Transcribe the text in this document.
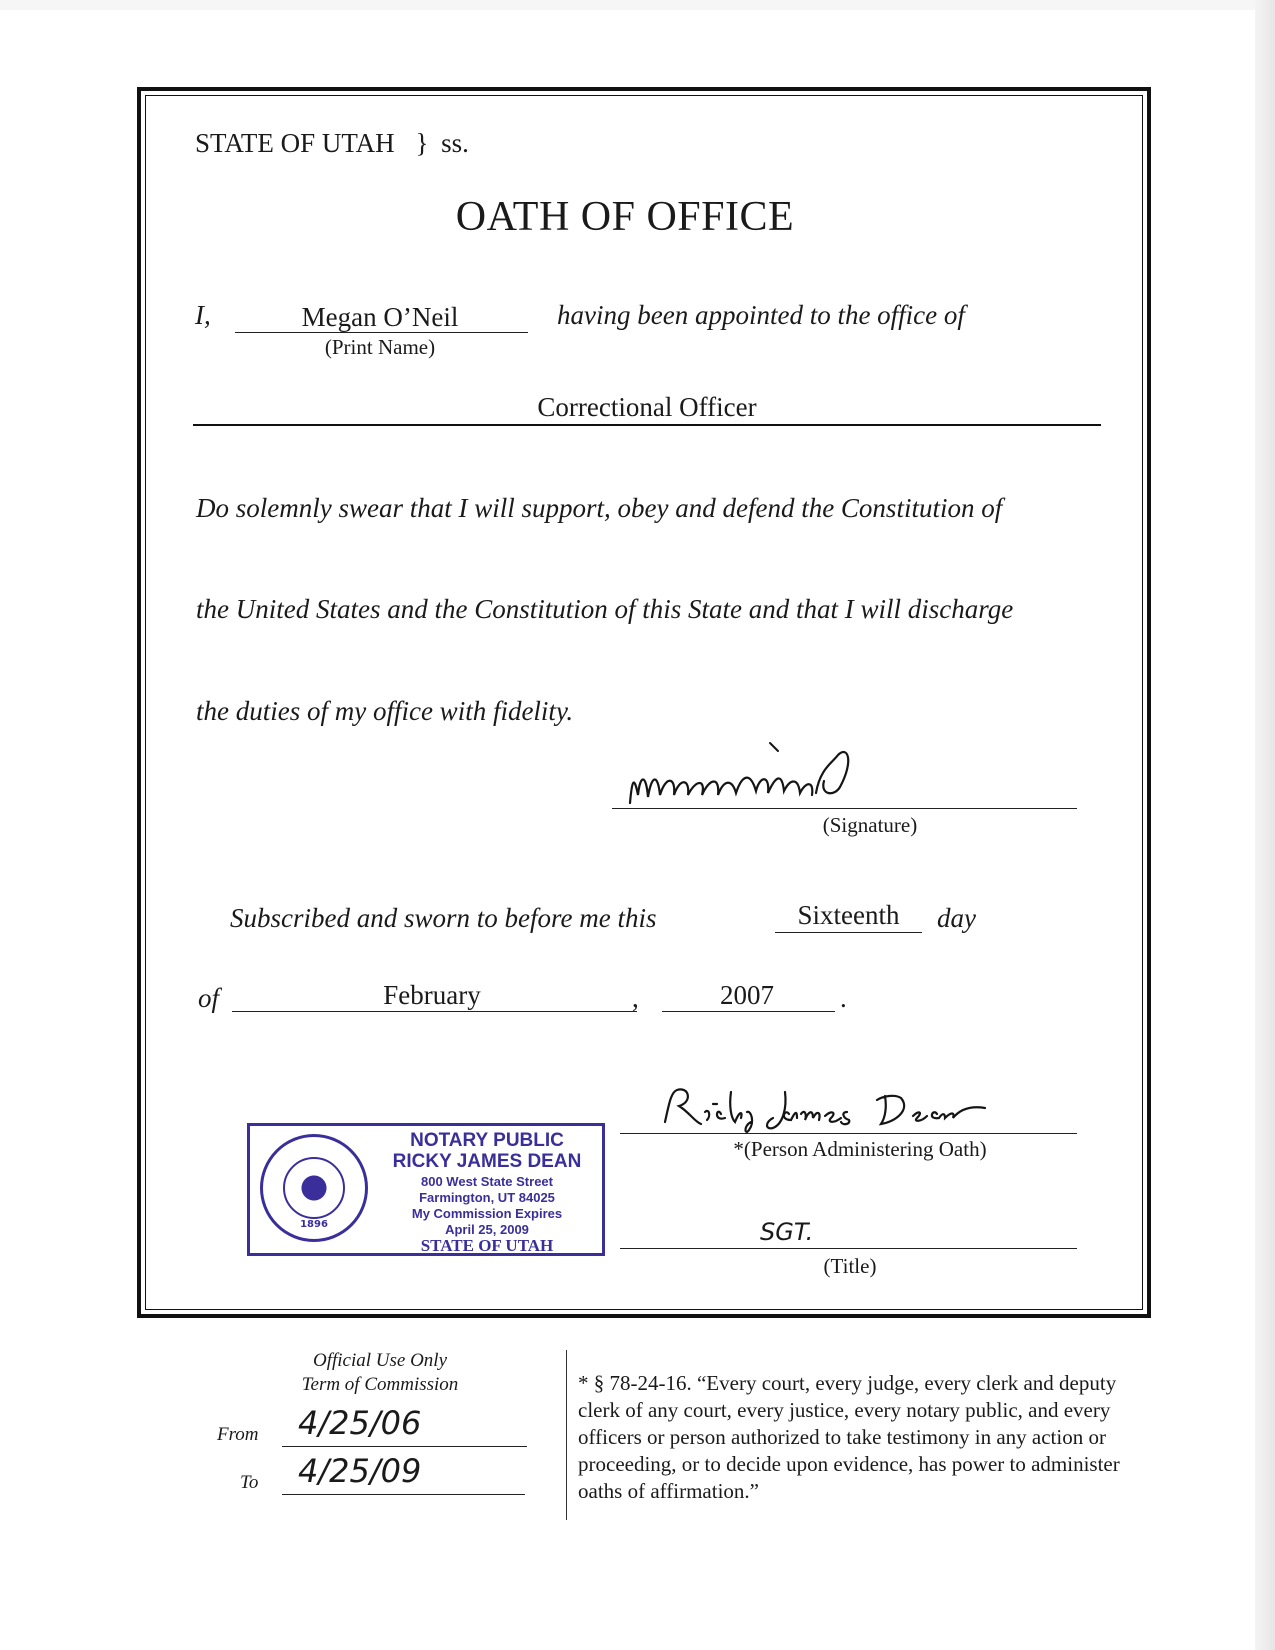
STATE OF UTAH } ss.
OATH OF OFFICE
I,	Megan O’Neil
(Print Name)
having been appointed to the office of
Correctional Officer
Do solemnly swear that I will support, obey and defend the Constitution of
the United States and the Constitution of this State and that I will discharge
the duties of my office with fidelity.
(Signature)
Subscribed and sworn to before me this	Sixteenth	day
of	February	,	2007	.
*(Person Administering Oath)
SGT.
(Title)
1896
NOTARY PUBLIC
RICKY JAMES DEAN
800 West State Street
Farmington, UT 84025
My Commission Expires
April 25, 2009
STATE OF UTAH
Official Use Only
Term of Commission
From 4/25/06
To 4/25/09
* § 78-24-16. “Every court, every judge, every clerk and deputy clerk of any court, every justice, every notary public, and every officers or person authorized to take testimony in any action or proceeding, or to decide upon evidence, has power to administer oaths of affirmation.”
